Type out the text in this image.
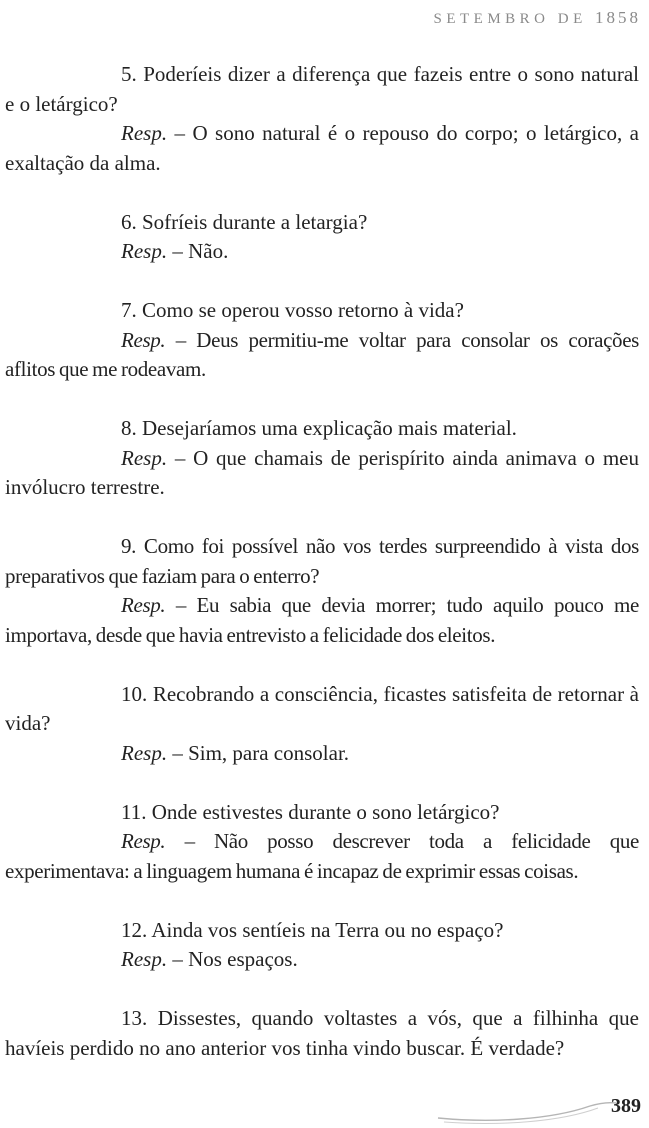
SETEMBRO DE 1858

5. Poderíeis dizer a diferença que fazeis entre o sono natural e o letárgico?

Resp. – O sono natural é o repouso do corpo; o letárgico, a exaltação da alma.

6. Sofríeis durante a letargia?

Resp. – Não.

7. Como se operou vosso retorno à vida?

Resp. – Deus permitiu-me voltar para consolar os corações aflitos que me rodeavam.

8. Desejaríamos uma explicação mais material.

Resp. – O que chamais de perispírito ainda animava o meu invólucro terrestre.

9. Como foi possível não vos terdes surpreendido à vista dos preparativos que faziam para o enterro?

Resp. – Eu sabia que devia morrer; tudo aquilo pouco me importava, desde que havia entrevisto a felicidade dos eleitos.

10. Recobrando a consciência, ficastes satisfeita de retornar à vida?

Resp. – Sim, para consolar.

11. Onde estivestes durante o sono letárgico?

Resp. – Não posso descrever toda a felicidade que experimentava: a linguagem humana é incapaz de exprimir essas coisas.

12. Ainda vos sentíeis na Terra ou no espaço?

Resp. – Nos espaços.

13. Dissestes, quando voltastes a vós, que a filhinha que havíeis perdido no ano anterior vos tinha vindo buscar. É verdade?

389
